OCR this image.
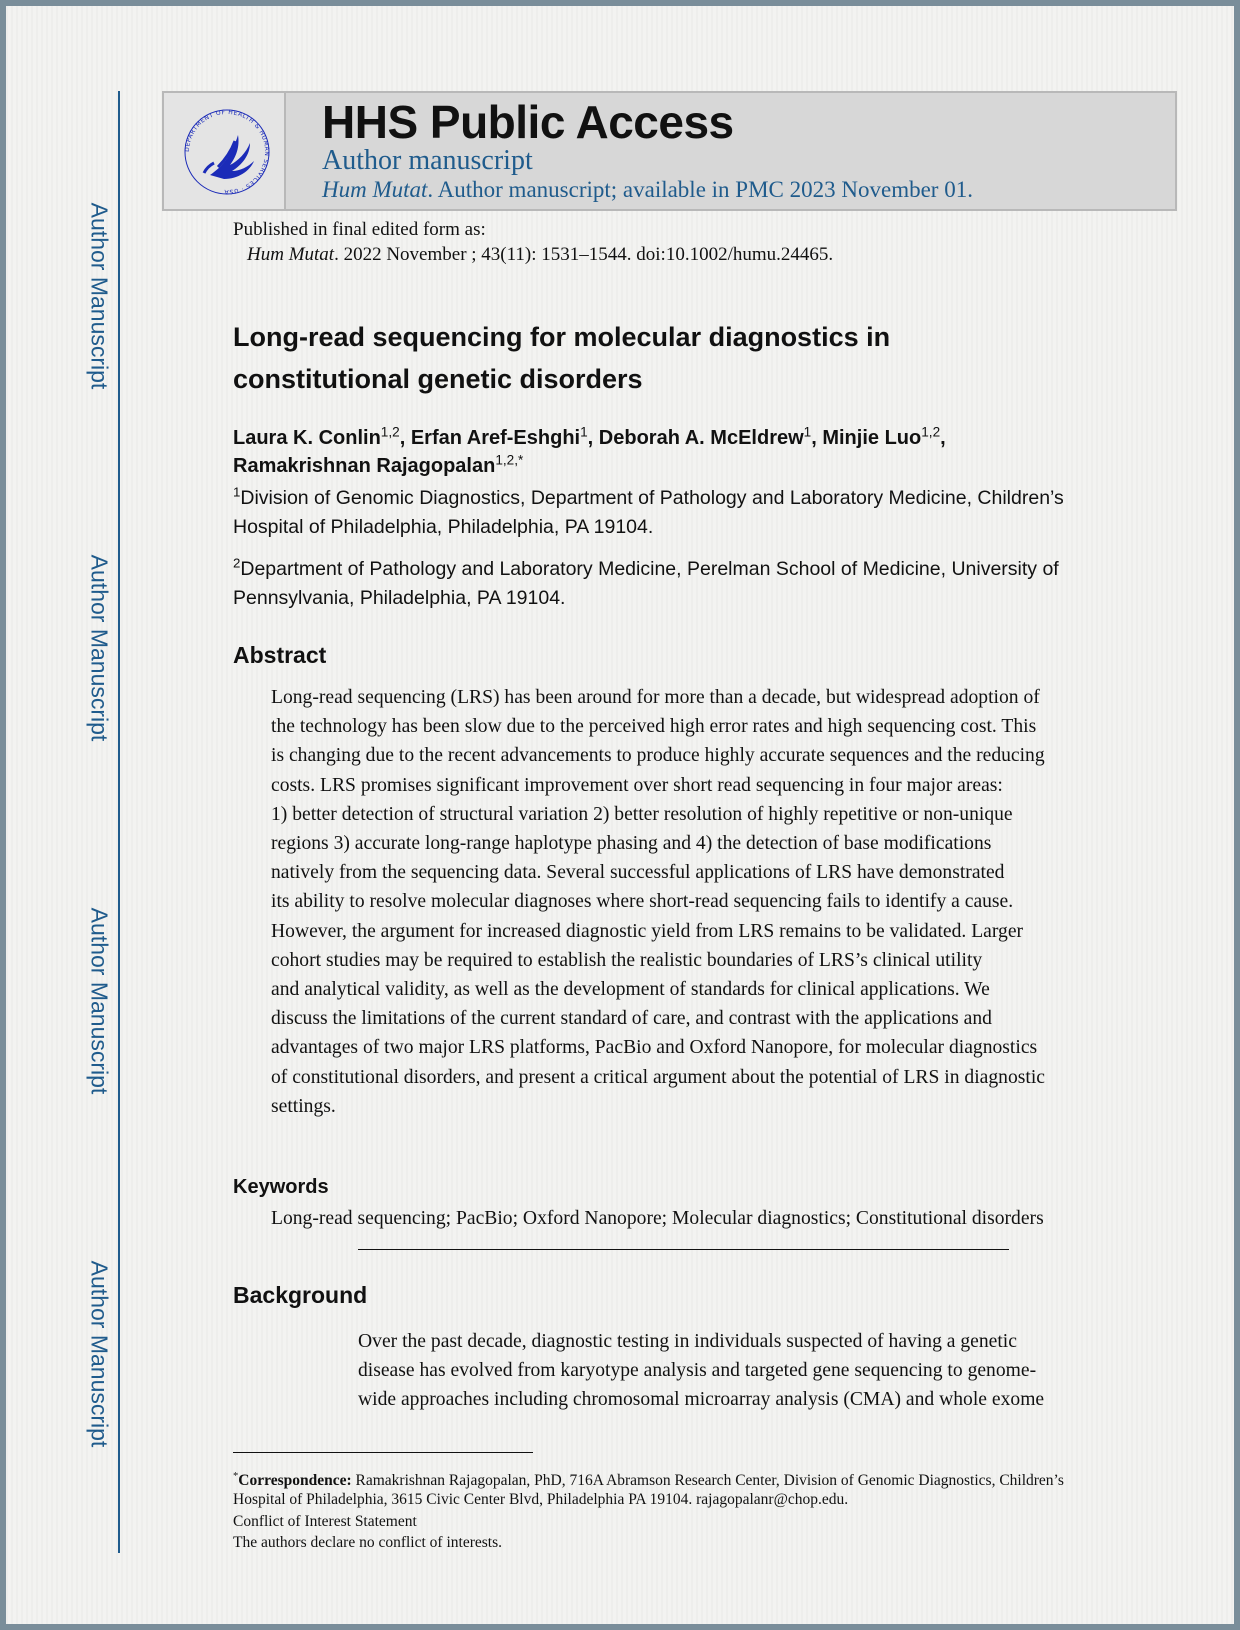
Author Manuscript
Author Manuscript
Author Manuscript
Author Manuscript
DEPARTMENT OF HEALTH & HUMAN SERVICES · USA
HHS Public Access
Author manuscript
Hum Mutat. Author manuscript; available in PMC 2023 November 01.
Published in final edited form as:
Hum Mutat. 2022 November ; 43(11): 1531–1544. doi:10.1002/humu.24465.
Long-read sequencing for molecular diagnostics in
constitutional genetic disorders
Laura K. Conlin$^{1,2}$, Erfan Aref-Eshghi$^1$, Deborah A. McEldrew$^1$, Minjie Luo$^{1,2}$,
Ramakrishnan Rajagopalan$^{1,2,*}$
$^1$Division of Genomic Diagnostics, Department of Pathology and Laboratory Medicine, Children’s
Hospital of Philadelphia, Philadelphia, PA 19104.
$^2$Department of Pathology and Laboratory Medicine, Perelman School of Medicine, University of
Pennsylvania, Philadelphia, PA 19104.
Abstract
Long-read sequencing (LRS) has been around for more than a decade, but widespread adoption of
the technology has been slow due to the perceived high error rates and high sequencing cost. This
is changing due to the recent advancements to produce highly accurate sequences and the reducing
costs. LRS promises significant improvement over short read sequencing in four major areas:
1) better detection of structural variation 2) better resolution of highly repetitive or non-unique
regions 3) accurate long-range haplotype phasing and 4) the detection of base modifications
natively from the sequencing data. Several successful applications of LRS have demonstrated
its ability to resolve molecular diagnoses where short-read sequencing fails to identify a cause.
However, the argument for increased diagnostic yield from LRS remains to be validated. Larger
cohort studies may be required to establish the realistic boundaries of LRS’s clinical utility
and analytical validity, as well as the development of standards for clinical applications. We
discuss the limitations of the current standard of care, and contrast with the applications and
advantages of two major LRS platforms, PacBio and Oxford Nanopore, for molecular diagnostics
of constitutional disorders, and present a critical argument about the potential of LRS in diagnostic
settings.
Keywords
Long-read sequencing; PacBio; Oxford Nanopore; Molecular diagnostics; Constitutional disorders
Background
Over the past decade, diagnostic testing in individuals suspected of having a genetic
disease has evolved from karyotype analysis and targeted gene sequencing to genome-
wide approaches including chromosomal microarray analysis (CMA) and whole exome
*Correspondence: Ramakrishnan Rajagopalan, PhD, 716A Abramson Research Center, Division of Genomic Diagnostics, Children’s
Hospital of Philadelphia, 3615 Civic Center Blvd, Philadelphia PA 19104. rajagopalanr@chop.edu.
Conflict of Interest Statement
The authors declare no conflict of interests.
